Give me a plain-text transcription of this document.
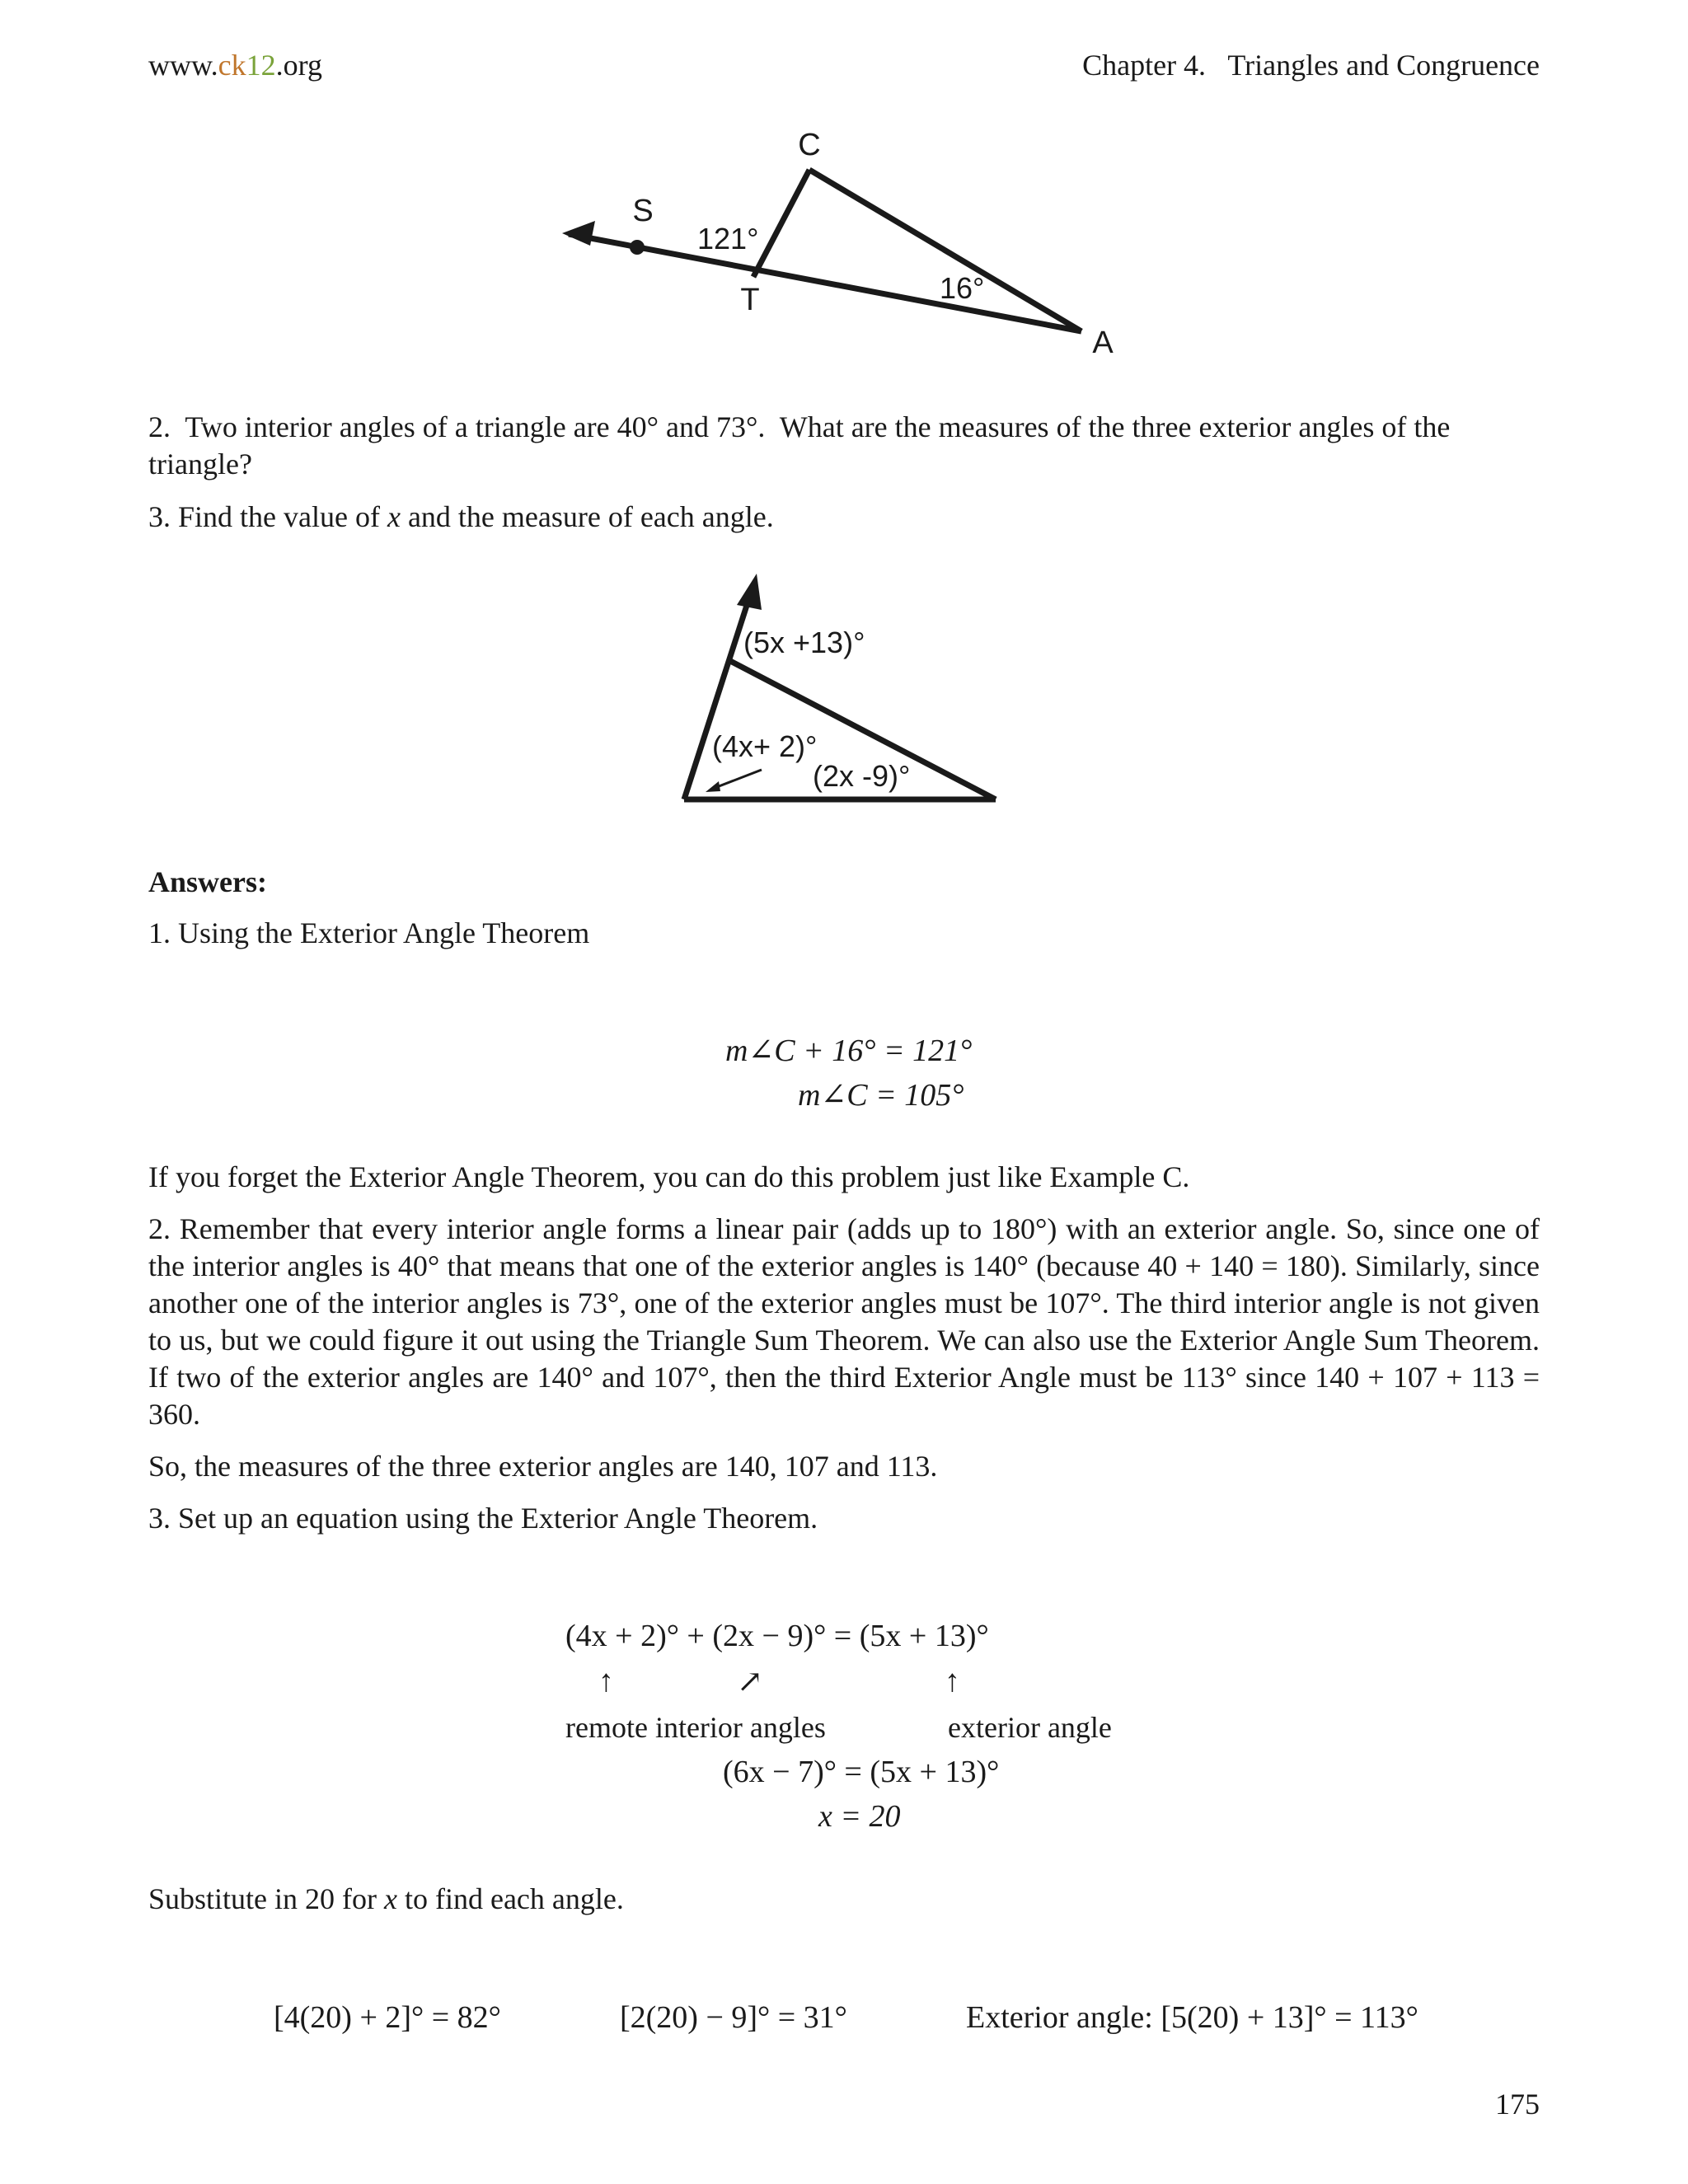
www.ck12.org	Chapter 4.   Triangles and Congruence
C
S
T
A
121°
16°
2.  Two interior angles of a triangle are 40° and 73°.  What are the measures of the three exterior angles of the
triangle?
3. Find the value of x and the measure of each angle.
(5x +13)°
(4x+ 2)°
(2x -9)°
Answers:
1. Using the Exterior Angle Theorem
m∠C + 16° = 121°
m∠C = 105°
If you forget the Exterior Angle Theorem, you can do this problem just like Example C.
2. Remember that every interior angle forms a linear pair (adds up to 180°) with an exterior angle. So, since one of the interior angles is 40° that means that one of the exterior angles is 140° (because 40 + 140 = 180). Similarly, since another one of the interior angles is 73°, one of the exterior angles must be 107°. The third interior angle is not given to us, but we could figure it out using the Triangle Sum Theorem. We can also use the Exterior Angle Sum Theorem. If two of the exterior angles are 140° and 107°, then the third Exterior Angle must be 113° since 140 + 107 + 113 = 360.
So, the measures of the three exterior angles are 140, 107 and 113.
3. Set up an equation using the Exterior Angle Theorem.
(4x + 2)° + (2x − 9)° = (5x + 13)°
↑	↗	↑
remote interior angles	exterior angle
(6x − 7)° = (5x + 13)°
x = 20
Substitute in 20 for x to find each angle.
[4(20) + 2]° = 82°	[2(20) − 9]° = 31°	Exterior angle: [5(20) + 13]° = 113°
175
